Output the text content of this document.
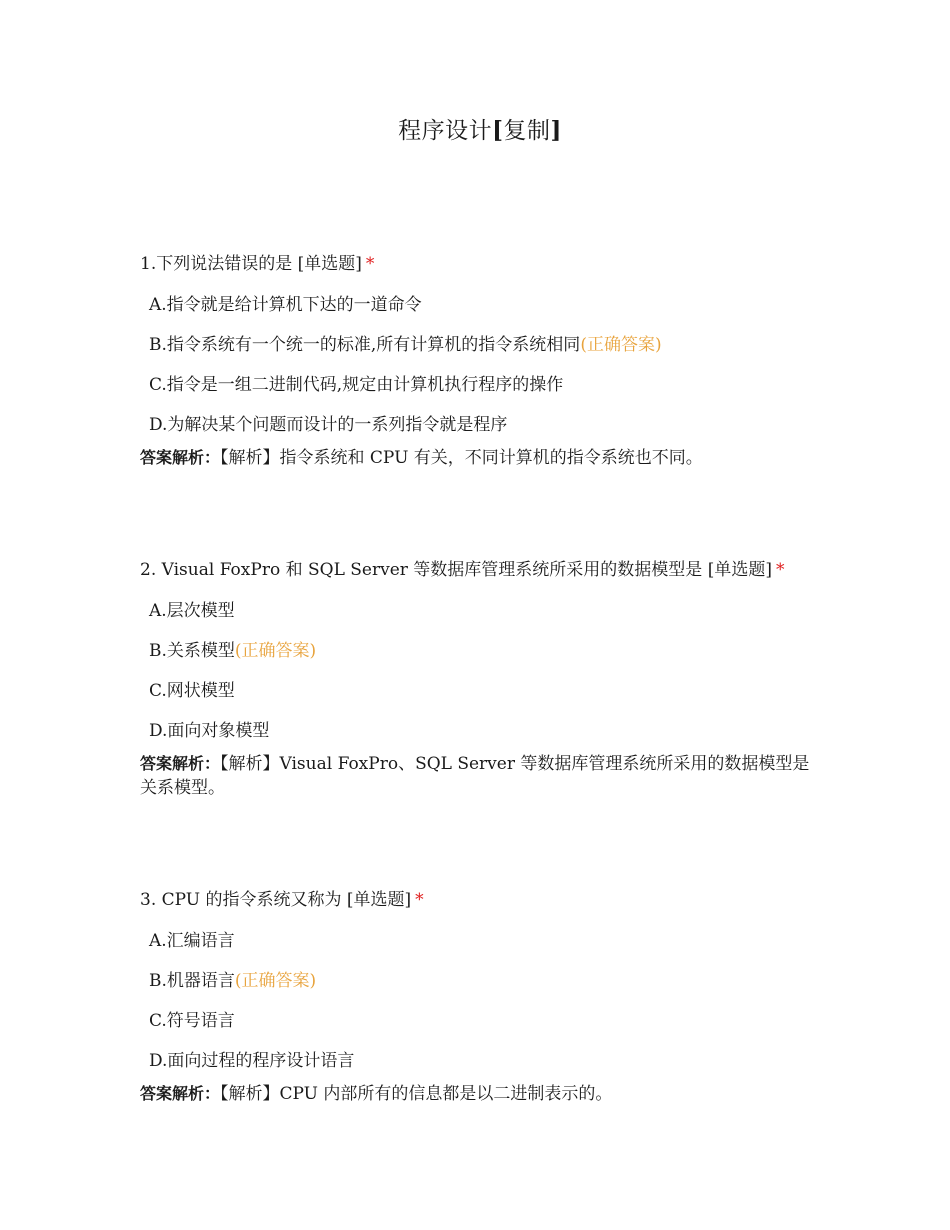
程序设计[复制]

1.下列说法错误的是 [单选题] *

A.指令就是给计算机下达的一道命令
B.指令系统有一个统一的标准,所有计算机的指令系统相同(正确答案)
C.指令是一组二进制代码,规定由计算机执行程序的操作
D.为解决某个问题而设计的一系列指令就是程序

答案解析：【解析】指令系统和 CPU 有关，不同计算机的指令系统也不同。

2. Visual FoxPro 和 SQL Server 等数据库管理系统所采用的数据模型是 [单选题] *

A.层次模型
B.关系模型(正确答案)
C.网状模型
D.面向对象模型

答案解析：【解析】Visual FoxPro、SQL Server 等数据库管理系统所采用的数据模型是关系模型。

3. CPU 的指令系统又称为 [单选题] *

A.汇编语言
B.机器语言(正确答案)
C.符号语言
D.面向过程的程序设计语言

答案解析：【解析】CPU 内部所有的信息都是以二进制表示的。
